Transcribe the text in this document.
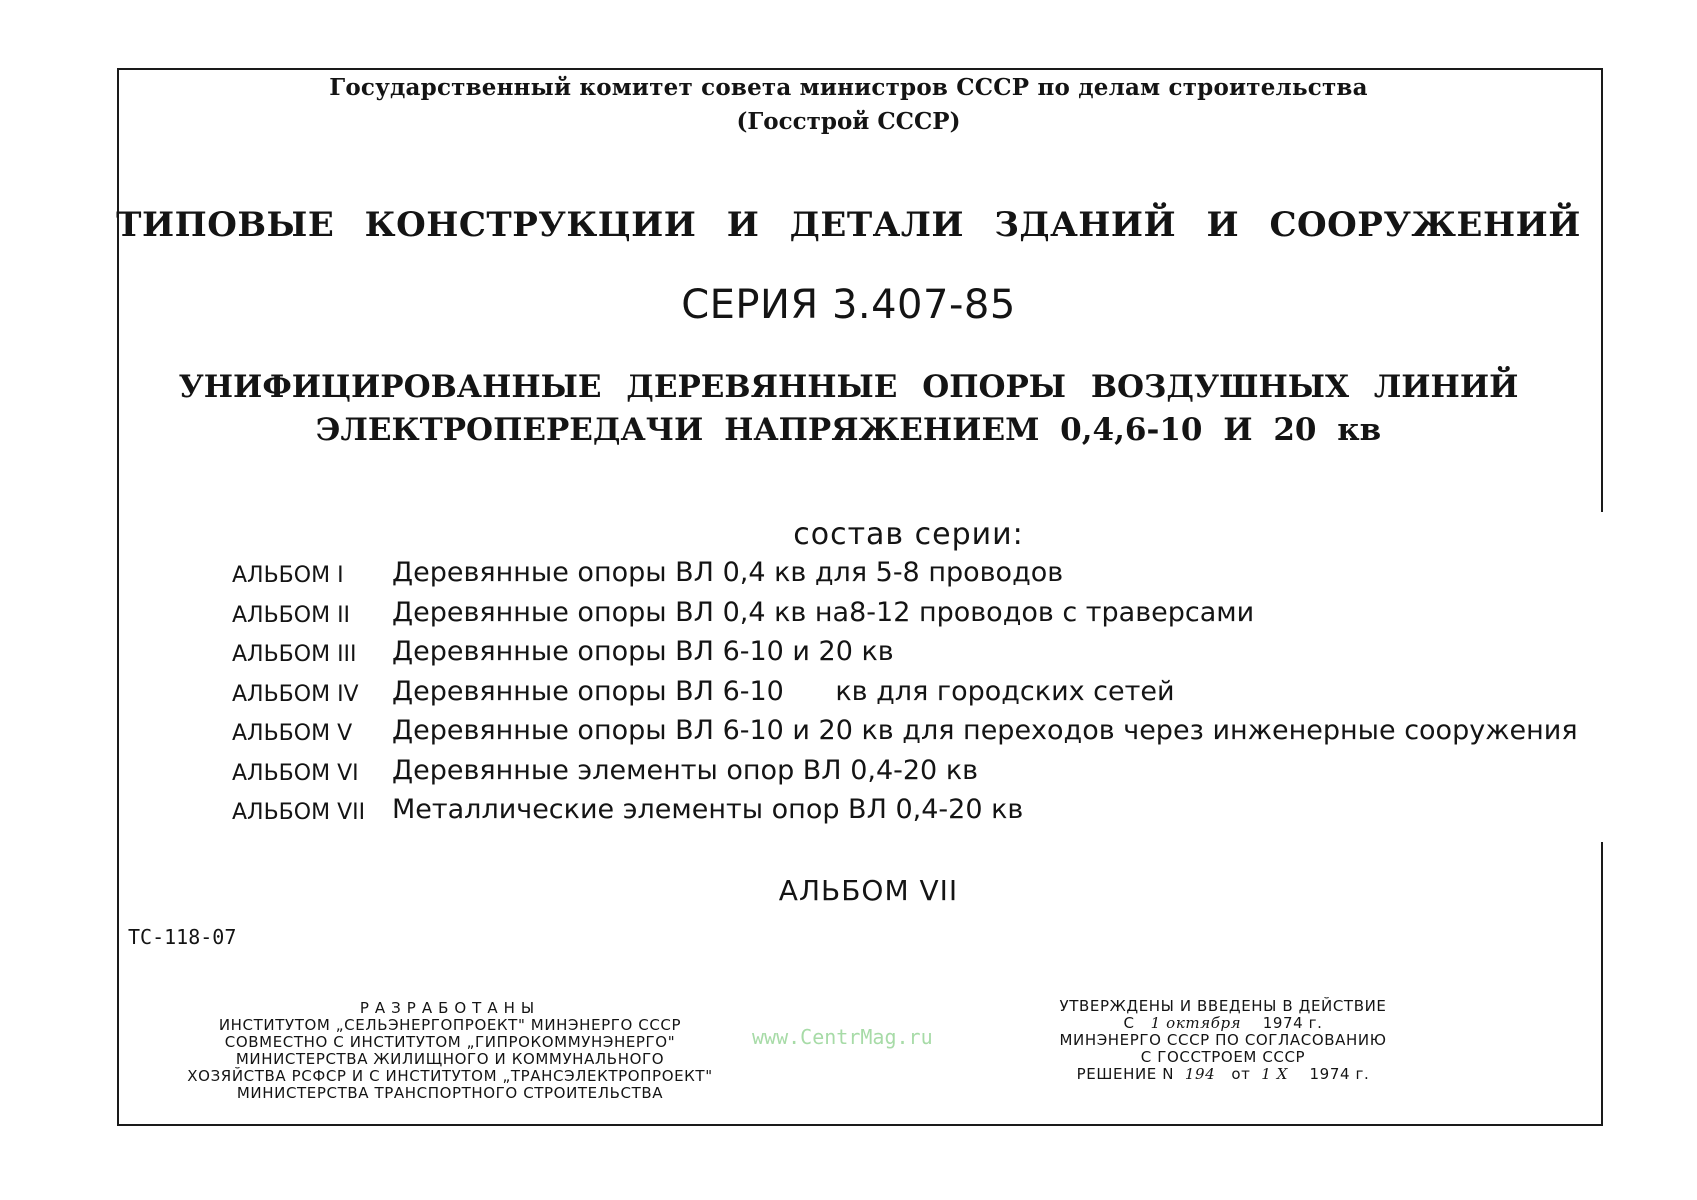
Государственный комитет совета министров СССР по делам строительства
(Госстрой СССР)
ТИПОВЫЕ КОНСТРУКЦИИ И ДЕТАЛИ ЗДАНИЙ И СООРУЖЕНИЙ
СЕРИЯ 3.407-85
УНИФИЦИРОВАННЫЕ ДЕРЕВЯННЫЕ ОПОРЫ ВОЗДУШНЫХ ЛИНИЙ
ЭЛЕКТРОПЕРЕДАЧИ НАПРЯЖЕНИЕМ 0,4,6-10 И 20 кв
состав серии:
АЛЬБОМ I Деревянные опоры ВЛ 0,4 кв для 5-8 проводов
АЛЬБОМ II Деревянные опоры ВЛ 0,4 кв на8-12 проводов с траверсами
АЛЬБОМ III Деревянные опоры ВЛ 6-10 и 20 кв
АЛЬБОМ IV Деревянные опоры ВЛ 6-10      кв для городских сетей
АЛЬБОМ V Деревянные опоры ВЛ 6-10 и 20 кв для переходов через инженерные сооружения
АЛЬБОМ VI Деревянные элементы опор ВЛ 0,4-20 кв
АЛЬБОМ VII Металлические элементы опор ВЛ 0,4-20 кв
АЛЬБОМ VII
ТС-118-07
РАЗРАБОТАНЫ
ИНСТИТУТОМ „СЕЛЬЭНЕРГОПРОЕКТ" МИНЭНЕРГО СССР
СОВМЕСТНО С ИНСТИТУТОМ „ГИПРОКОММУНЭНЕРГО"
МИНИСТЕРСТВА ЖИЛИЩНОГО И КОММУНАЛЬНОГО
ХОЗЯЙСТВА РСФСР И С ИНСТИТУТОМ „ТРАНСЭЛЕКТРОПРОЕКТ"
МИНИСТЕРСТВА ТРАНСПОРТНОГО СТРОИТЕЛЬСТВА
www.CentrMag.ru
УТВЕРЖДЕНЫ И ВВЕДЕНЫ В ДЕЙСТВИЕ
С 1 октября 1974 г.
МИНЭНЕРГО СССР ПО СОГЛАСОВАНИЮ
С ГОССТРОЕМ СССР
РЕШЕНИЕ N 194 от 1 X 1974 г.
